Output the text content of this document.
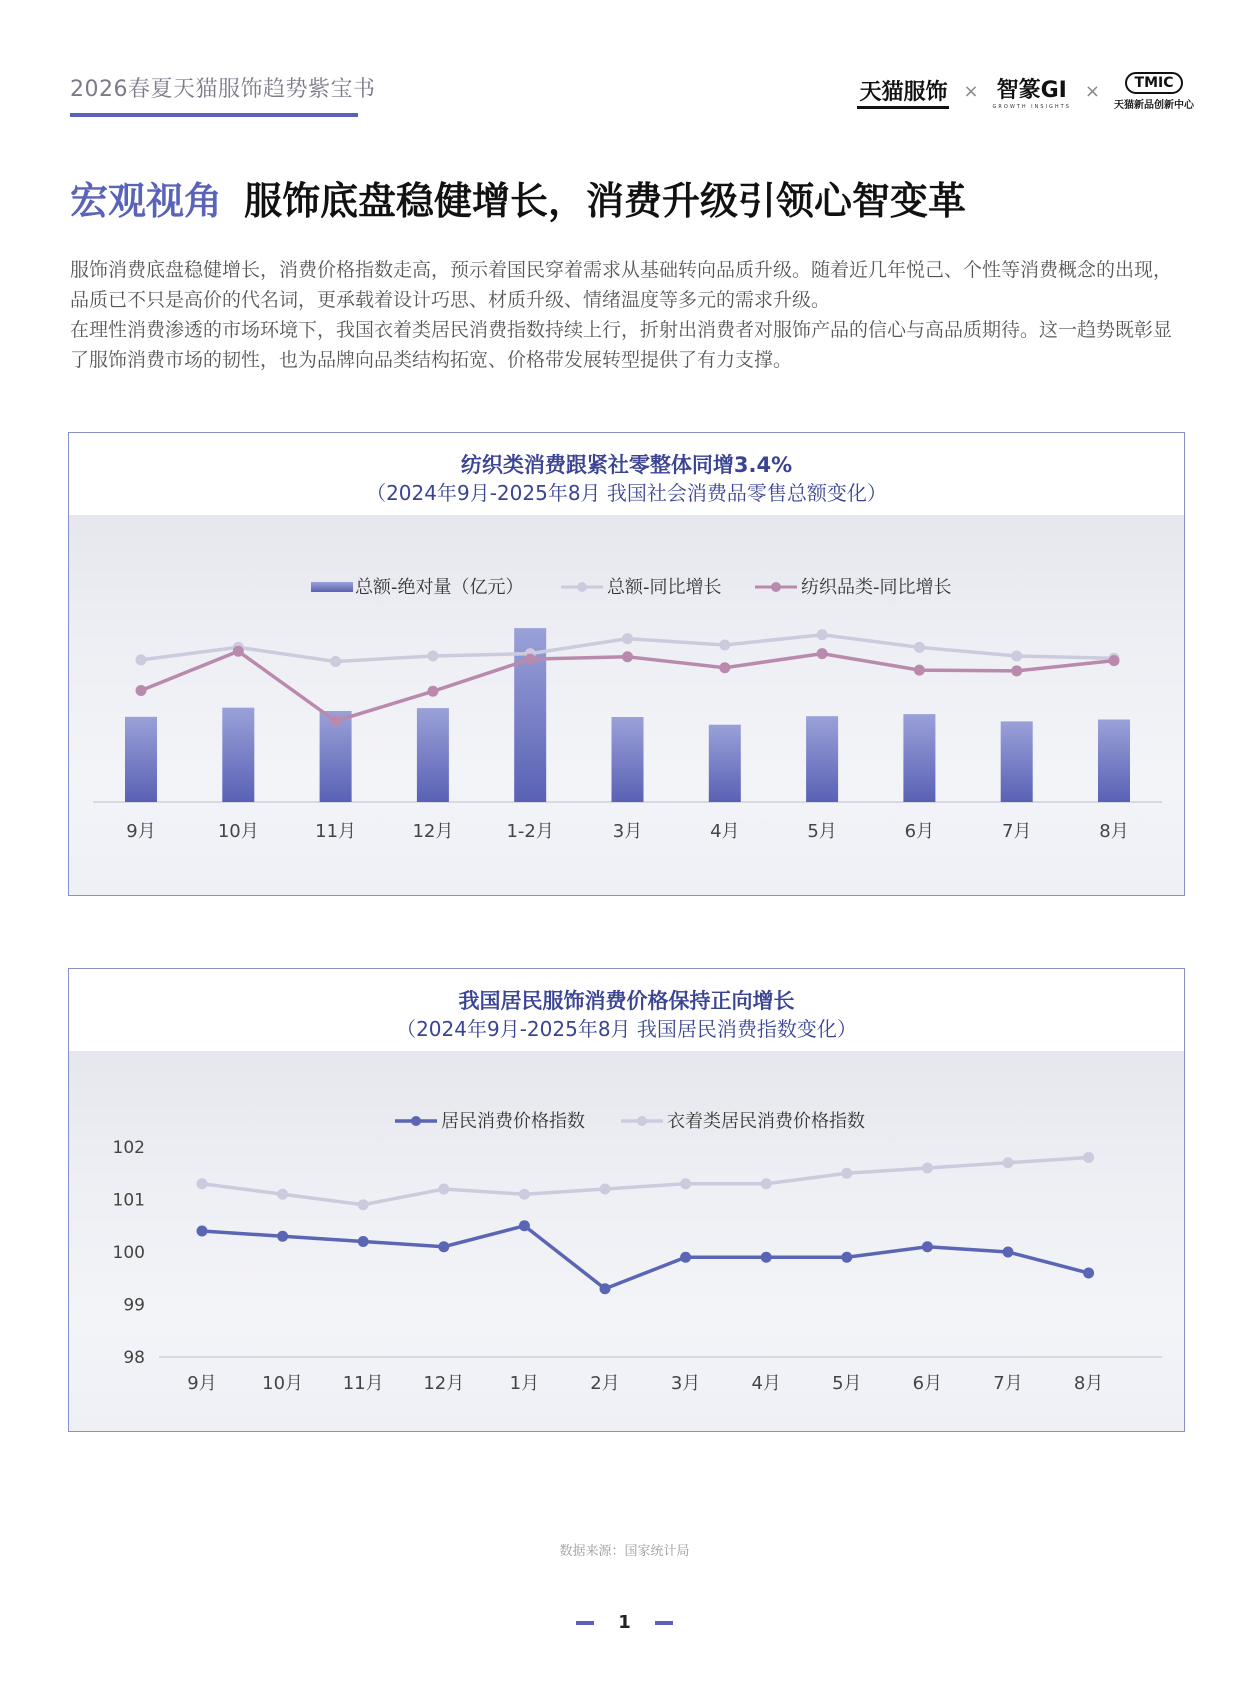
2026春夏天猫服饰趋势紫宝书	天猫服饰 × 智篆GI
GROWTH INSIGHTS
×	TMIC
天猫新品创新中心
宏观视角 服饰底盘稳健增长，消费升级引领心智变革

服饰消费底盘稳健增长，消费价格指数走高，预示着国民穿着需求从基础转向品质升级。随着近几年悦己、个性等消费概念的出现，品质已不只是高价的代名词，更承载着设计巧思、材质升级、情绪温度等多元的需求升级。

在理性消费渗透的市场环境下，我国衣着类居民消费指数持续上行，折射出消费者对服饰产品的信心与高品质期待。这一趋势既彰显了服饰消费市场的韧性，也为品牌向品类结构拓宽、价格带发展转型提供了有力支撑。

纺织类消费跟紧社零整体同增3.4%
（2024年9月-2025年8月 我国社会消费品零售总额变化）
总额-绝对量（亿元）	总额-同比增长	纺织品类-同比增长
9月	10月	11月	12月	1-2月	3月	4月	5月	6月	7月	8月
我国居民服饰消费价格保持正向增长
（2024年9月-2025年8月 我国居民消费指数变化）
居民消费价格指数	衣着类居民消费价格指数
102
101
100
99
98
9月	10月 11月 12月	1月	2月	3月	4月	5月	6月	7月	8月
数据来源：国家统计局
1
